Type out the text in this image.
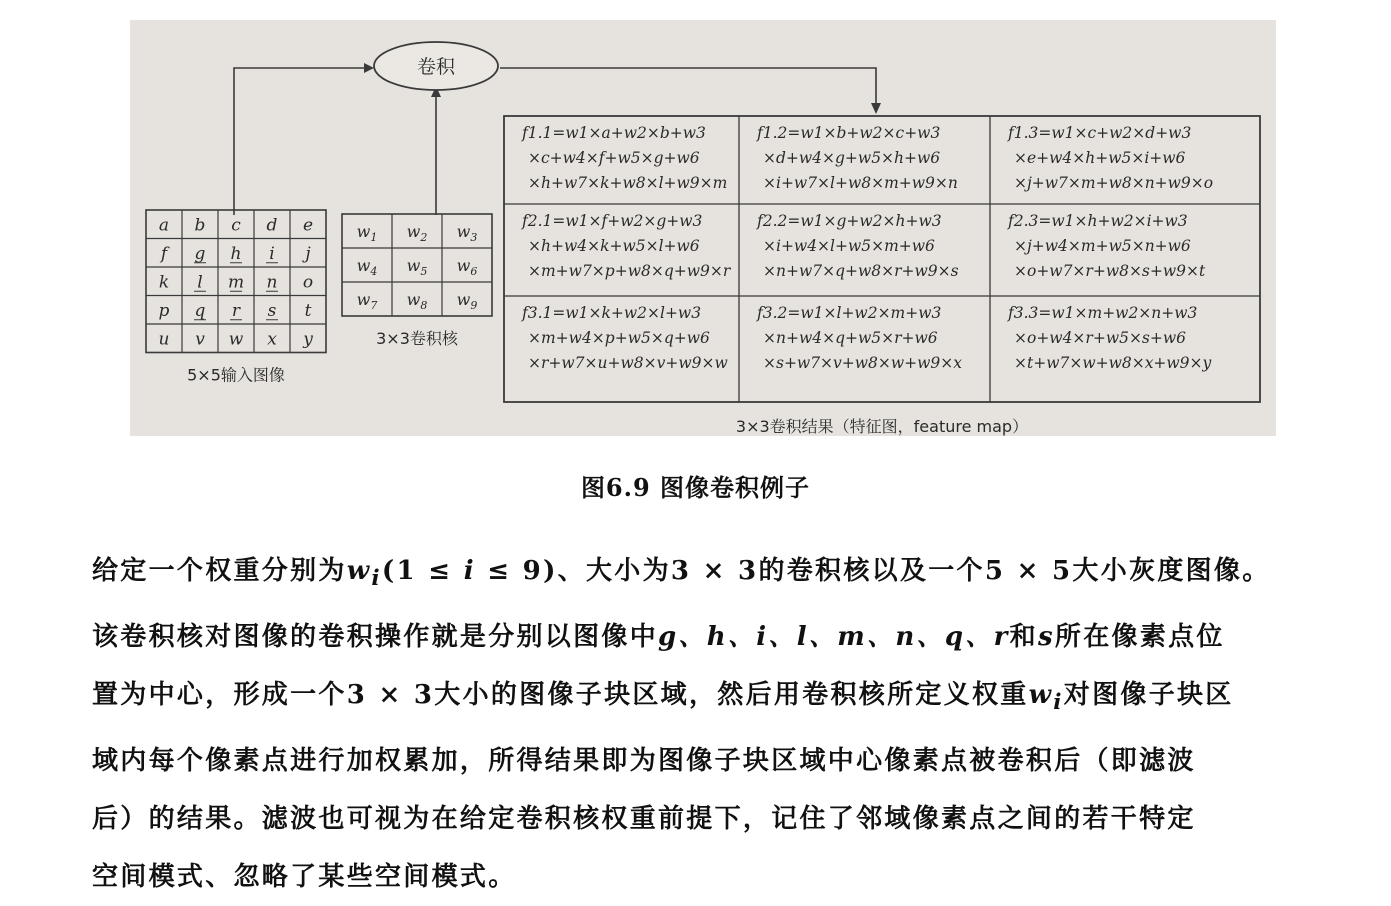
卷积
a b c d e
f g h i j
k l m n o
p q r s t
u v w x y
5×5输入图像
$w_1$ $w_2$ $w_3$
$w_4$ $w_5$ $w_6$
$w_7$ $w_8$ $w_9$
3×3卷积核
f1.1=w1×a+w2×b+w3
×c+w4×f+w5×g+w6
×h+w7×k+w8×l+w9×m
f1.2=w1×b+w2×c+w3
×d+w4×g+w5×h+w6
×i+w7×l+w8×m+w9×n
f1.3=w1×c+w2×d+w3
×e+w4×h+w5×i+w6
×j+w7×m+w8×n+w9×o
f2.1=w1×f+w2×g+w3
×h+w4×k+w5×l+w6
×m+w7×p+w8×q+w9×r
f2.2=w1×g+w2×h+w3
×i+w4×l+w5×m+w6
×n+w7×q+w8×r+w9×s
f2.3=w1×h+w2×i+w3
×j+w4×m+w5×n+w6
×o+w7×r+w8×s+w9×t
f3.1=w1×k+w2×l+w3
×m+w4×p+w5×q+w6
×r+w7×u+w8×v+w9×w
f3.2=w1×l+w2×m+w3
×n+w4×q+w5×r+w6
×s+w7×v+w8×w+w9×x
f3.3=w1×m+w2×n+w3
×o+w4×r+w5×s+w6
×t+w7×w+w8×x+w9×y
3×3卷积结果（特征图，feature map）
图6.9 图像卷积例子

给定一个权重分别为$w_i(1 \le i \le 9)$、大小为3 × 3的卷积核以及一个5 × 5大小灰度图像。

该卷积核对图像的卷积操作就是分别以图像中g、h、i、l、m、n、q、r和s所在像素点位

置为中心，形成一个3 × 3大小的图像子块区域，然后用卷积核所定义权重$w_i$对图像子块区

域内每个像素点进行加权累加，所得结果即为图像子块区域中心像素点被卷积后（即滤波

后）的结果。滤波也可视为在给定卷积核权重前提下，记住了邻域像素点之间的若干特定

空间模式、忽略了某些空间模式。
